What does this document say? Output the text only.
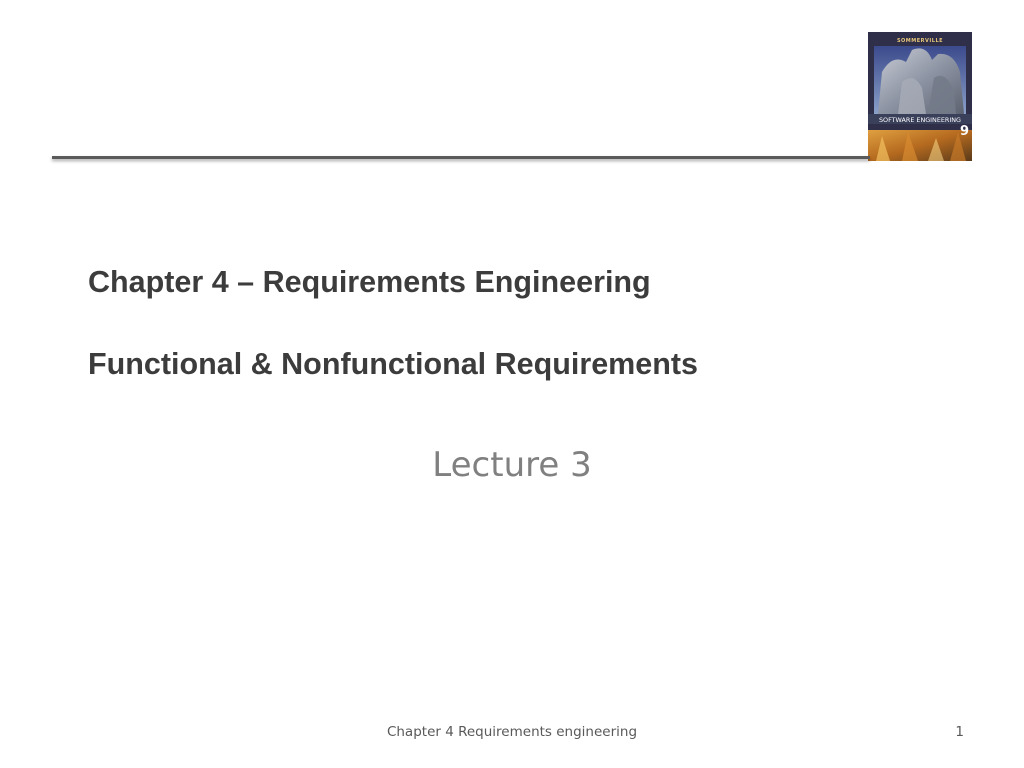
SOMMERVILLE
SOFTWARE ENGINEERING
9
Chapter 4 – Requirements Engineering
Functional & Nonfunctional Requirements
Lecture 3
Chapter 4 Requirements engineering	1
